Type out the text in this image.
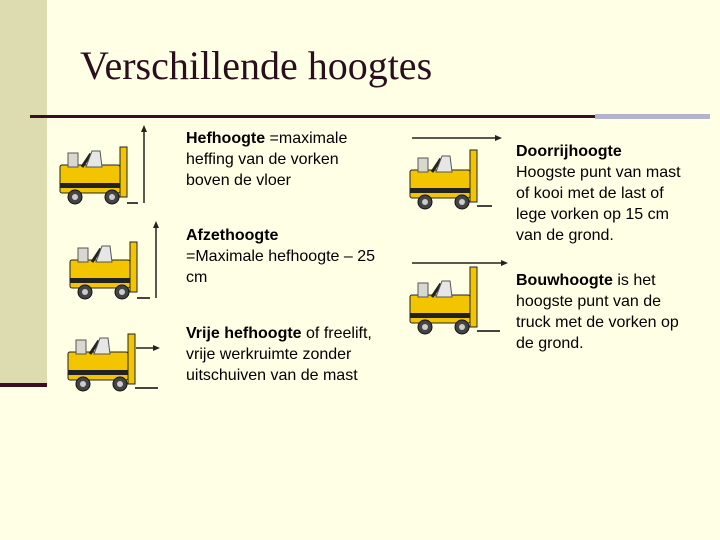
Verschillende hoogtes
Hefhoogte =maximale heffing van de vorken boven de vloer
Afzethoogte
=Maximale hefhoogte – 25 cm
Vrije hefhoogte of freelift, vrije werkruimte zonder uitschuiven van de mast
Doorrijhoogte
Hoogste punt van mast of kooi met de last of lege vorken op 15 cm van de grond.
Bouwhoogte is het hoogste punt van de truck met de vorken op de grond.
